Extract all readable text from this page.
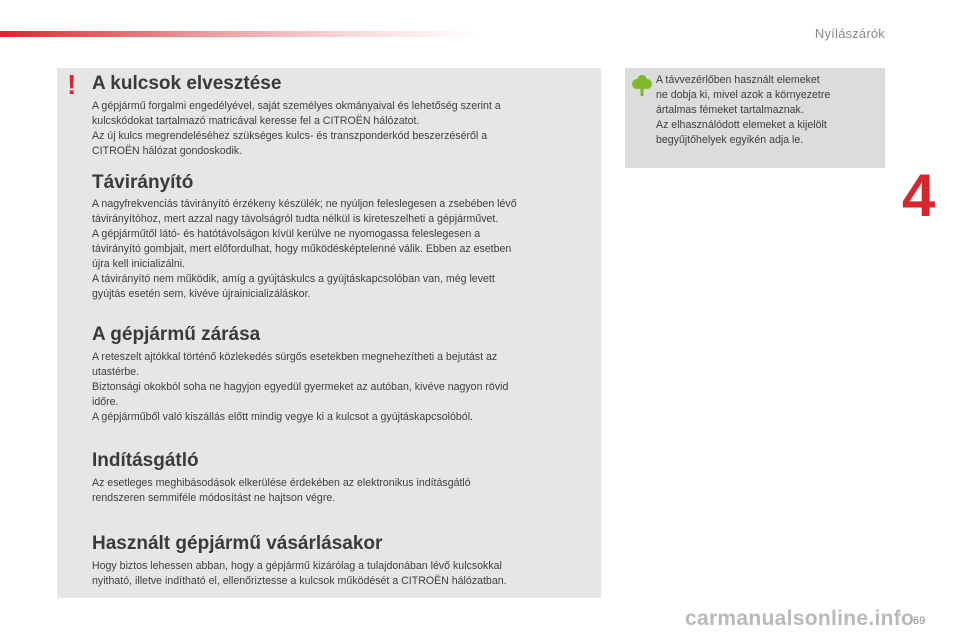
Nyílászárók
! A kulcsok elvesztése
A gépjármű forgalmi engedélyével, saját személyes okmányaival és lehetőség szerint a
kulcskódokat tartalmazó matricával keresse fel a CITROËN hálózatot.
Az új kulcs megrendeléséhez szükséges kulcs- és transzponderkód beszerzéséről a
CITROËN hálózat gondoskodik.
Távirányító
A nagyfrekvenciás távirányító érzékeny készülék; ne nyúljon feleslegesen a zsebében lévő
távirányítóhoz, mert azzal nagy távolságról tudta nélkül is kireteszelheti a gépjárművet.
A gépjárműtől látó- és hatótávolságon kívül kerülve ne nyomogassa feleslegesen a
távirányító gombjait, mert előfordulhat, hogy működésképtelenné válik. Ebben az esetben
újra kell inicializálni.
A távirányító nem működik, amíg a gyújtáskulcs a gyújtáskapcsolóban van, még levett
gyújtás esetén sem, kivéve újrainicializáláskor.
A gépjármű zárása
A reteszelt ajtókkal történő közlekedés sürgős esetekben megnehezítheti a bejutást az
utastérbe.
Biztonsági okokból soha ne hagyjon egyedül gyermeket az autóban, kivéve nagyon rövid
időre.
A gépjárműből való kiszállás előtt mindig vegye ki a kulcsot a gyújtáskapcsolóból.
Indításgátló
Az esetleges meghibásodások elkerülése érdekében az elektronikus indításgátló
rendszeren semmiféle módosítást ne hajtson végre.
Használt gépjármű vásárlásakor
Hogy biztos lehessen abban, hogy a gépjármű kizárólag a tulajdonában lévő kulcsokkal
nyitható, illetve indítható el, ellenőriztesse a kulcsok működését a CITROËN hálózatban.
A távvezérlőben használt elemeket
ne dobja ki, mivel azok a környezetre
ártalmas fémeket tartalmaznak.
Az elhasználódott elemeket a kijelölt
begyűjtőhelyek egyikén adja le.
4
carmanualsonline.info
69
